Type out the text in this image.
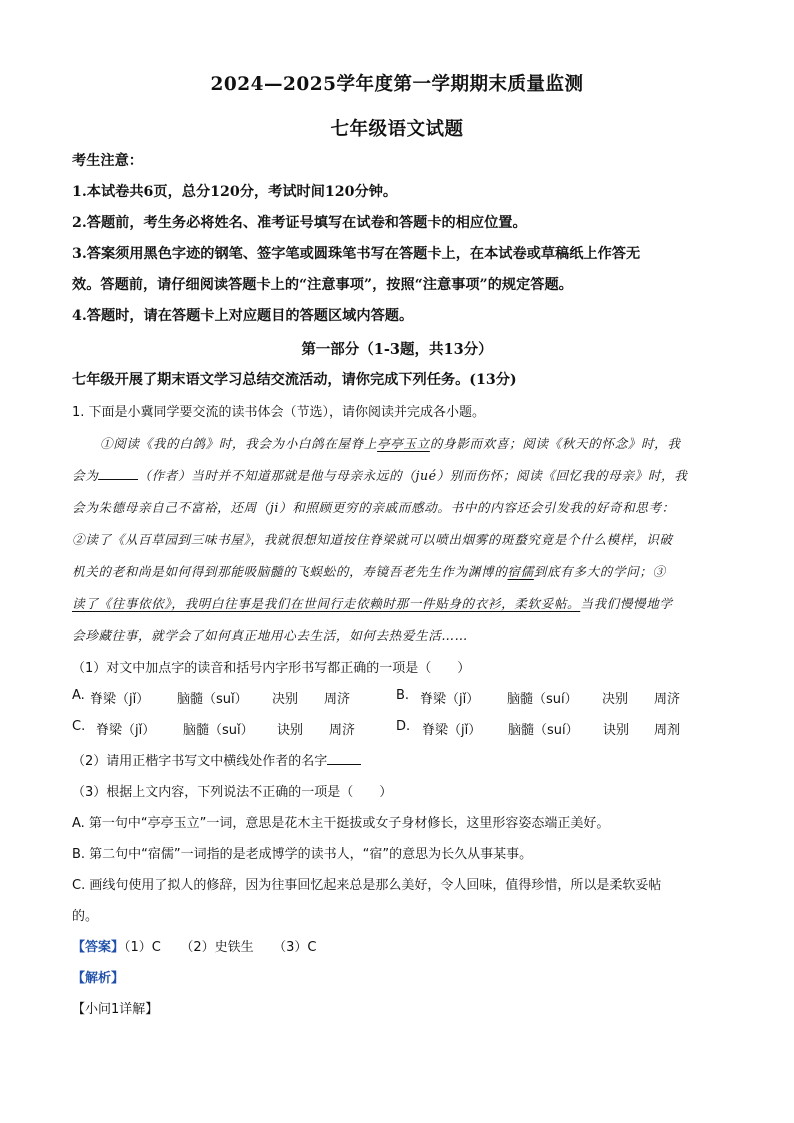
2024—2025学年度第一学期期末质量监测
七年级语文试题
考生注意：
1.本试卷共6页，总分120分，考试时间120分钟。
2.答题前，考生务必将姓名、准考证号填写在试卷和答题卡的相应位置。
3.答案须用黑色字迹的钢笔、签字笔或圆珠笔书写在答题卡上，在本试卷或草稿纸上作答无
效。答题前，请仔细阅读答题卡上的“注意事项”，按照“注意事项”的规定答题。
4.答题时，请在答题卡上对应题目的答题区域内答题。
第一部分（1-3题，共13分）
七年级开展了期末语文学习总结交流活动，请你完成下列任务。(13分)
1. 下面是小冀同学要交流的读书体会（节选），请你阅读并完成各小题。
①阅读《我的白鸽》时，我会为小白鸽在屋脊上亭亭玉立的身影而欢喜；阅读《秋天的怀念》时，我
会为	（作者）当时并不知道那就是他与母亲永远的（jué）别而伤怀；阅读《回忆我的母亲》时，我
会为朱德母亲自己不富裕，还周（ji）和照顾更穷的亲戚而感动。书中的内容还会引发我的好奇和思考：
②读了《从百草园到三味书屋》，我就很想知道按住脊梁就可以喷出烟雾的斑蝥究竟是个什么模样，识破
机关的老和尚是如何得到那能吸脑髓的飞蜈蚣的，寿镜吾老先生作为渊博的宿儒到底有多大的学问；③
读了《往事依依》，我明白往事是我们在世间行走依赖时那一件贴身的衣衫，柔软妥帖。当我们慢慢地学
会珍藏往事，就学会了如何真正地用心去生活，如何去热爱生活……
（1）对文中加点字的读音和括号内字形书写都正确的一项是（　　）
A. 脊梁（jǐ） 脑髓（suǐ） 决别 周济	B. 脊梁（jǐ） 脑髓（suí） 决别 周济
C. 脊梁（jǐ） 脑髓（suǐ） 诀别 周济	D. 脊梁（jǐ） 脑髓（suí） 诀别 周剂
（2）请用正楷字书写文中横线处作者的名字
（3）根据上文内容，下列说法不正确的一项是（　　）
A. 第一句中“亭亭玉立”一词，意思是花木主干挺拔或女子身材修长，这里形容姿态端正美好。
B. 第二句中“宿儒”一词指的是老成博学的读书人，“宿”的意思为长久从事某事。
C. 画线句使用了拟人的修辞，因为往事回忆起来总是那么美好，令人回味，值得珍惜，所以是柔软妥帖
的。
【答案】（1）C　　（2）史铁生　　（3）C
【解析】
【小问1详解】
